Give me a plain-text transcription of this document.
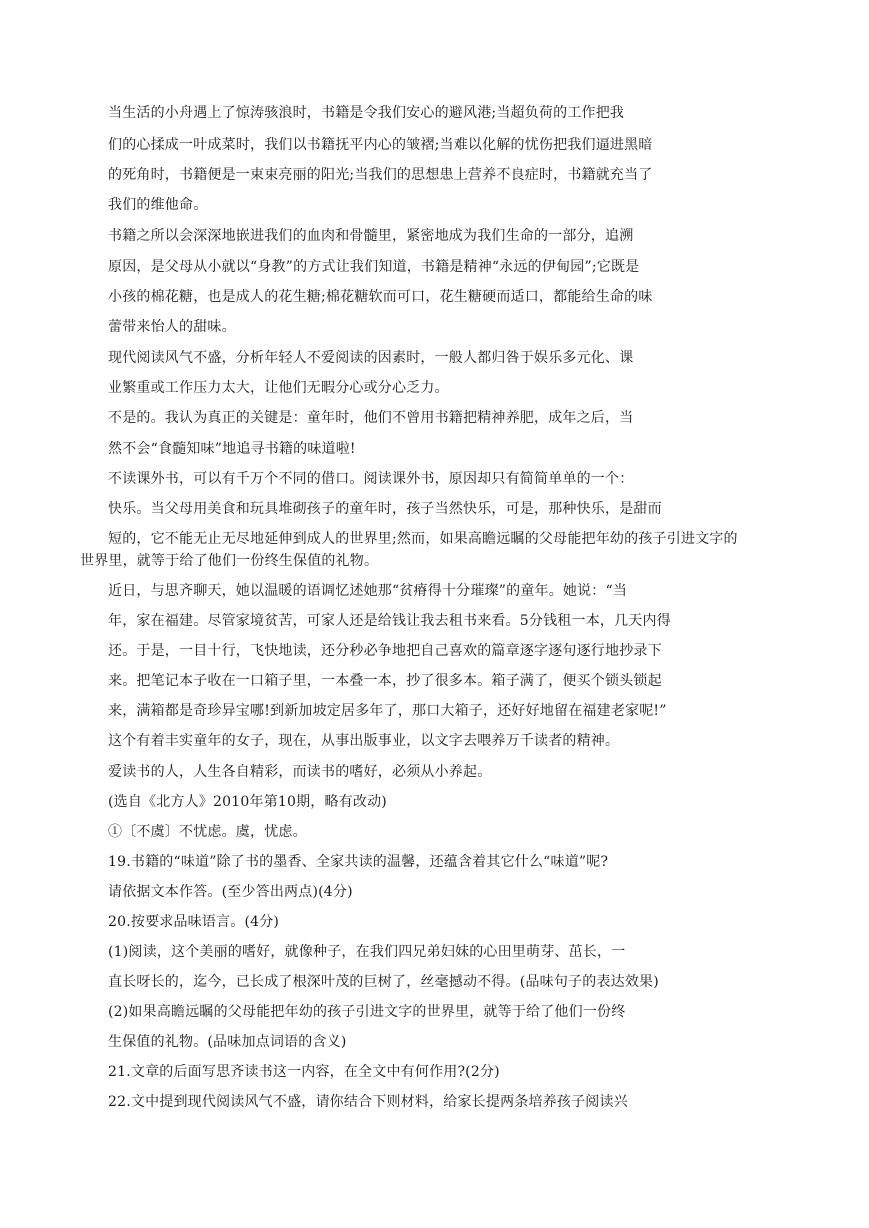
当生活的小舟遇上了惊涛骇浪时，书籍是令我们安心的避风港;当超负荷的工作把我
们的心揉成一叶成菜时，我们以书籍抚平内心的皱褶;当难以化解的忧伤把我们逼进黑暗
的死角时，书籍便是一束束亮丽的阳光;当我们的思想患上营养不良症时，书籍就充当了
我们的维他命。
书籍之所以会深深地嵌进我们的血肉和骨髓里，紧密地成为我们生命的一部分，追溯
原因，是父母从小就以“身教”的方式让我们知道，书籍是精神“永远的伊甸园”;它既是
小孩的棉花糖，也是成人的花生糖;棉花糖软而可口，花生糖硬而适口，都能给生命的味
蕾带来怡人的甜味。
现代阅读风气不盛，分析年轻人不爱阅读的因素时，一般人都归咎于娱乐多元化、课
业繁重或工作压力太大，让他们无暇分心或分心乏力。
不是的。我认为真正的关键是：童年时，他们不曾用书籍把精神养肥，成年之后，当
然不会“食髓知味”地追寻书籍的味道啦!
不读课外书，可以有千万个不同的借口。阅读课外书，原因却只有简简单单的一个：
快乐。当父母用美食和玩具堆砌孩子的童年时，孩子当然快乐，可是，那种快乐，是甜而
短的，它不能无止无尽地延伸到成人的世界里;然而，如果高瞻远瞩的父母能把年幼的孩子引进文字的
世界里，就等于给了他们一份终生保值的礼物。
近日，与思齐聊天，她以温暖的语调忆述她那“贫瘠得十分璀璨”的童年。她说：“当
年，家在福建。尽管家境贫苦，可家人还是给钱让我去租书来看。5分钱租一本，几天内得
还。于是，一目十行，飞快地读，还分秒必争地把自己喜欢的篇章逐字逐句逐行地抄录下
来。把笔记本子收在一口箱子里，一本叠一本，抄了很多本。箱子满了，便买个锁头锁起
来，满箱都是奇珍异宝哪!到新加坡定居多年了，那口大箱子，还好好地留在福建老家呢!”
这个有着丰实童年的女子，现在，从事出版事业，以文字去喂养万千读者的精神。
爱读书的人，人生各自精彩，而读书的嗜好，必须从小养起。
(选自《北方人》2010年第10期，略有改动)
①〔不虞〕不忧虑。虞，忧虑。
19.书籍的“味道”除了书的墨香、全家共读的温馨，还蕴含着其它什么“味道”呢?
请依据文本作答。(至少答出两点)(4分)
20.按要求品味语言。(4分)
(1)阅读，这个美丽的嗜好，就像种子，在我们四兄弟妇妹的心田里萌芽、茁长，一
直长呀长的，迄今，已长成了根深叶茂的巨树了，丝毫撼动不得。(品味句子的表达效果)
(2)如果高瞻远瞩的父母能把年幼的孩子引进文字的世界里，就等于给了他们一份终
生保值的礼物。(品味加点词语的含义)
21.文章的后面写思齐读书这一内容，在全文中有何作用?(2分)
22.文中提到现代阅读风气不盛，请你结合下则材料，给家长提两条培养孩子阅读兴
